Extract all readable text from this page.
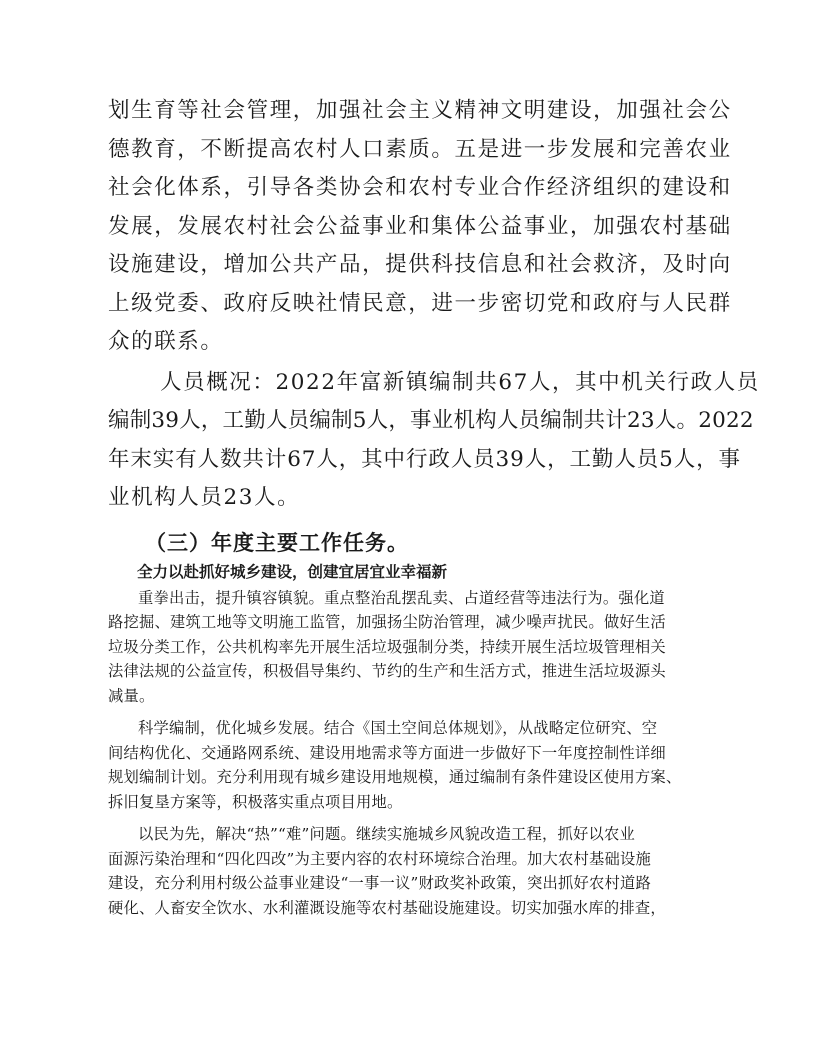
划生育等社会管理，加强社会主义精神文明建设，加强社会公
德教育，不断提高农村人口素质。五是进一步发展和完善农业
社会化体系，引导各类协会和农村专业合作经济组织的建设和
发展，发展农村社会公益事业和集体公益事业，加强农村基础
设施建设，增加公共产品，提供科技信息和社会救济，及时向
上级党委、政府反映社情民意，进一步密切党和政府与人民群
众的联系。

人员概况：2022年富新镇编制共67人，其中机关行政人员
编制39人，工勤人员编制5人，事业机构人员编制共计23人。2022
年末实有人数共计67人，其中行政人员39人，工勤人员5人，事
业机构人员23人。

（三）年度主要工作任务。
全力以赴抓好城乡建设，创建宜居宜业幸福新

重拳出击，提升镇容镇貌。重点整治乱摆乱卖、占道经营等违法行为。强化道
路挖掘、建筑工地等文明施工监管，加强扬尘防治管理，减少噪声扰民。做好生活
垃圾分类工作，公共机构率先开展生活垃圾强制分类，持续开展生活垃圾管理相关
法律法规的公益宣传，积极倡导集约、节约的生产和生活方式，推进生活垃圾源头
减量。

科学编制，优化城乡发展。结合《国土空间总体规划》，从战略定位研究、空
间结构优化、交通路网系统、建设用地需求等方面进一步做好下一年度控制性详细
规划编制计划。充分利用现有城乡建设用地规模，通过编制有条件建设区使用方案、
拆旧复垦方案等，积极落实重点项目用地。

以民为先，解决“热”“难”问题。继续实施城乡风貌改造工程，抓好以农业
面源污染治理和“四化四改”为主要内容的农村环境综合治理。加大农村基础设施
建设，充分利用村级公益事业建设“一事一议”财政奖补政策，突出抓好农村道路
硬化、人畜安全饮水、水利灌溉设施等农村基础设施建设。切实加强水库的排查，
